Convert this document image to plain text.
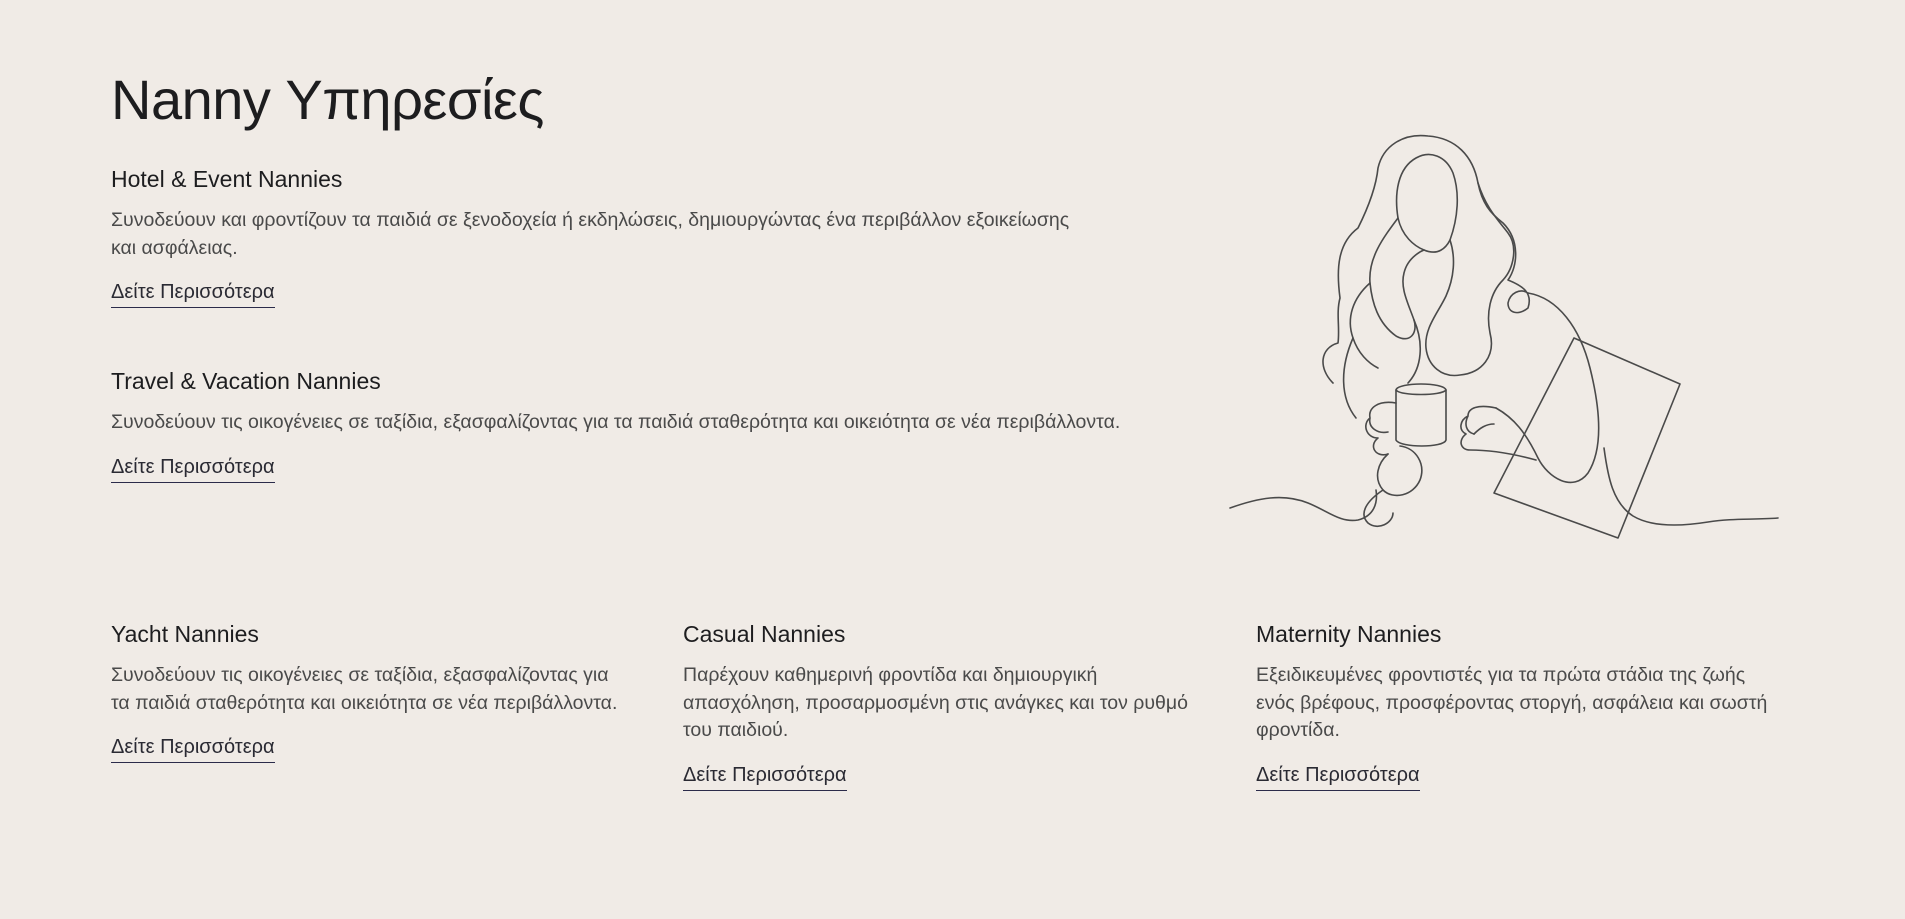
Nanny Υπηρεσίες
Hotel & Event Nannies

Συνοδεύουν και φροντίζουν τα παιδιά σε ξενοδοχεία ή εκδηλώσεις, δημιουργώντας ένα περιβάλλον εξοικείωσης και ασφάλειας.

Δείτε Περισσότερα
Travel & Vacation Nannies

Συνοδεύουν τις οικογένειες σε ταξίδια, εξασφαλίζοντας για τα παιδιά σταθερότητα και οικειότητα σε νέα περιβάλλοντα.

Δείτε Περισσότερα
Yacht Nannies

Συνοδεύουν τις οικογένειες σε ταξίδια, εξασφαλίζοντας για τα παιδιά σταθερότητα και οικειότητα σε νέα περιβάλλοντα.

Δείτε Περισσότερα
Casual Nannies

Παρέχουν καθημερινή φροντίδα και δημιουργική απασχόληση, προσαρμοσμένη στις ανάγκες και τον ρυθμό του παιδιού.

Δείτε Περισσότερα
Maternity Nannies

Εξειδικευμένες φροντιστές για τα πρώτα στάδια της ζωής ενός βρέφους, προσφέροντας στοργή, ασφάλεια και σωστή φροντίδα.

Δείτε Περισσότερα
